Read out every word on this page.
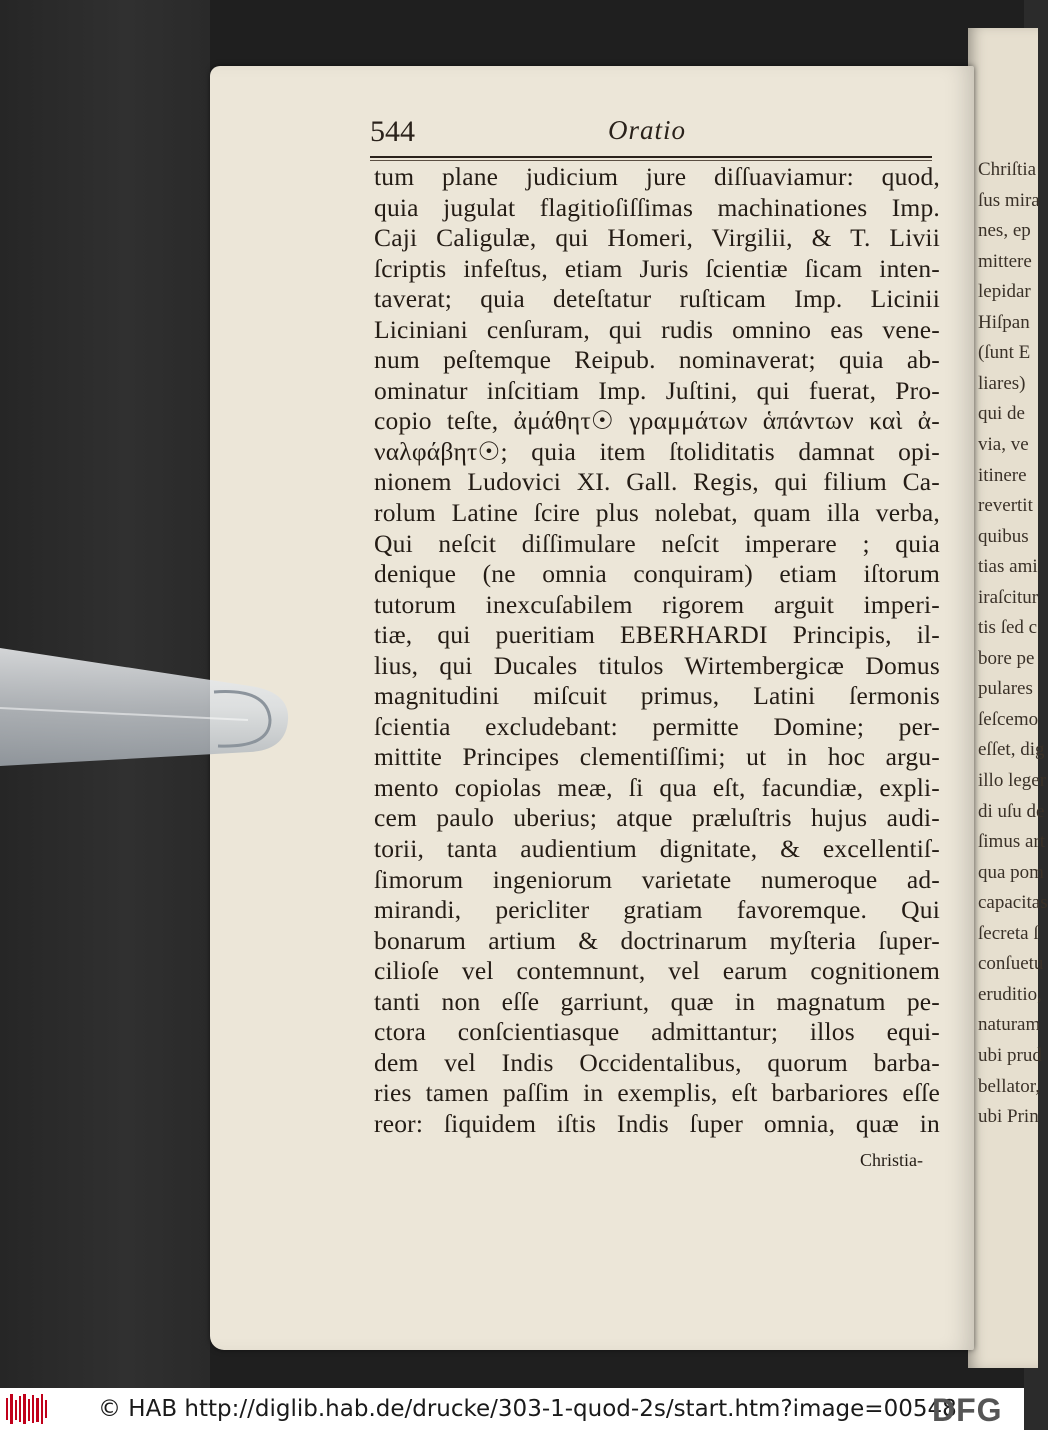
Chriſtia
ſus mira
nes, ep
mittere
lepidar
Hiſpan
(ſunt E
liares)
qui de
via, ve
itinere
revertit
quibus
tias ami
iraſcitur
tis ſed c
bore pe
pulares
ſeſcemo
eſſet, dig
illo leger
di uſu de
ſimus art
qua pom
capacitas
ſecreta ſ
conſuetu
eruditio,
naturam
ubi prud
bellator,
ubi Prin
544	Oratio
tum plane judicium jure diſſuaviamur: quod,
quia jugulat flagitioſiſſimas machinationes Imp.
Caji Caligulæ, qui Homeri, Virgilii, & T. Livii
ſcriptis infeſtus, etiam Juris ſcientiæ ſicam inten-
taverat; quia deteſtatur ruſticam Imp. Licinii
Liciniani cenſuram, qui rudis omnino eas vene-
num peſtemque Reipub. nominaverat; quia ab-
ominatur inſcitiam Imp. Juſtini, qui fuerat, Pro-
copio teſte, ἀμάθητ☉ γραμμάτων ἁπάντων καὶ ἀ-
ναλφάβητ☉; quia item ſtoliditatis damnat opi-
nionem Ludovici XI. Gall. Regis, qui filium Ca-
rolum Latine ſcire plus nolebat, quam illa verba,
Qui neſcit diſſimulare neſcit imperare ; quia
denique (ne omnia conquiram) etiam iſtorum
tutorum inexcuſabilem rigorem arguit imperi-
tiæ, qui pueritiam EBERHARDI Principis, il-
lius, qui Ducales titulos Wirtembergicæ Domus
magnitudini miſcuit primus, Latini ſermonis
ſcientia excludebant: permitte Domine; per-
mittite Principes clementiſſimi; ut in hoc argu-
mento copiolas meæ, ſi qua eſt, facundiæ, expli-
cem paulo uberius; atque præluſtris hujus audi-
torii, tanta audientium dignitate, & excellentiſ-
ſimorum ingeniorum varietate numeroque ad-
mirandi, pericliter gratiam favoremque. Qui
bonarum artium & doctrinarum myſteria ſuper-
cilioſe vel contemnunt, vel earum cognitionem
tanti non eſſe garriunt, quæ in magnatum pe-
ctora conſcientiasque admittantur; illos equi-
dem vel Indis Occidentalibus, quorum barba-
ries tamen paſſim in exemplis, eſt barbariores eſſe
reor: ſiquidem iſtis Indis ſuper omnia, quæ in
Christia-
© HAB http://diglib.hab.de/drucke/303-1-quod-2s/start.htm?image=00548
DFG
